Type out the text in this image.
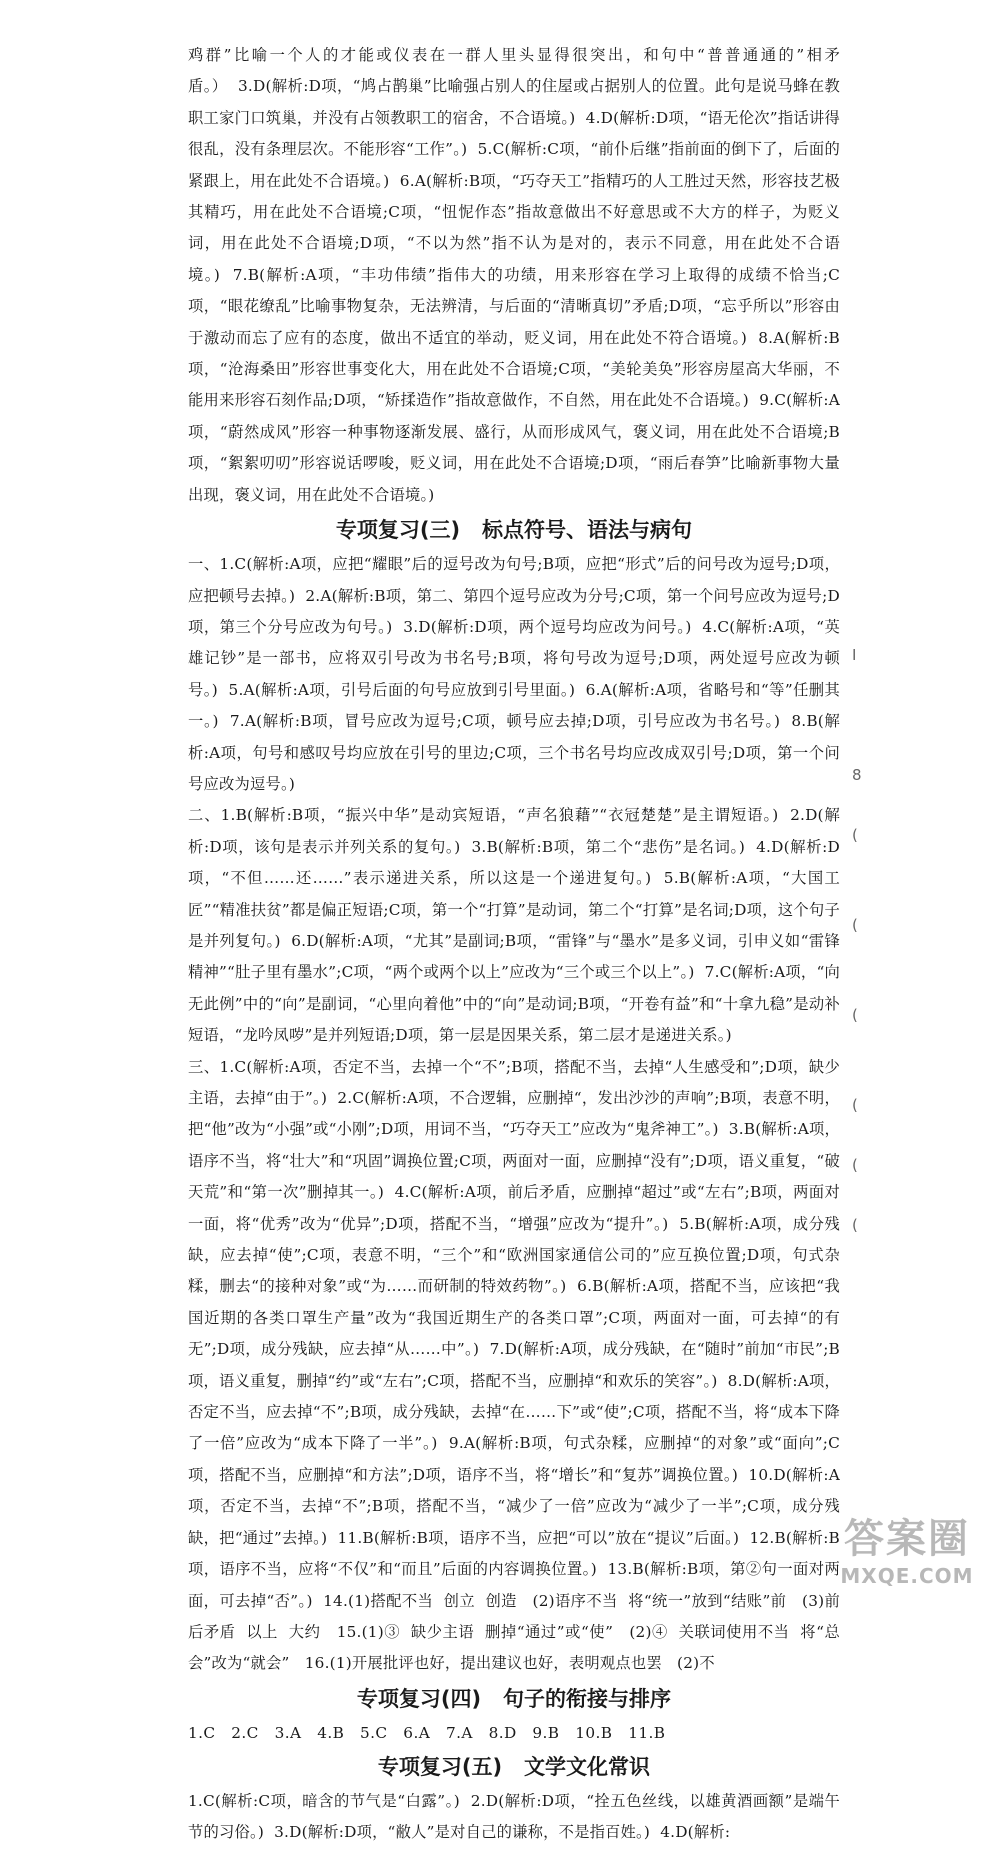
鸡群”比喻一个人的才能或仪表在一群人里头显得很突出，和句中“普普通通的”相矛盾。）  3.D(解析:D项，“鸠占鹊巢”比喻强占别人的住屋或占据别人的位置。此句是说马蜂在教职工家门口筑巢，并没有占领教职工的宿舍，不合语境。)  4.D(解析:D项，“语无伦次”指话讲得很乱，没有条理层次。不能形容“工作”。)  5.C(解析:C项，“前仆后继”指前面的倒下了，后面的紧跟上，用在此处不合语境。)  6.A(解析:B项，“巧夺天工”指精巧的人工胜过天然，形容技艺极其精巧，用在此处不合语境;C项，“忸怩作态”指故意做出不好意思或不大方的样子，为贬义词，用在此处不合语境;D项，“不以为然”指不认为是对的，表示不同意，用在此处不合语境。)  7.B(解析:A项，“丰功伟绩”指伟大的功绩，用来形容在学习上取得的成绩不恰当;C项，“眼花缭乱”比喻事物复杂，无法辨清，与后面的“清晰真切”矛盾;D项，“忘乎所以”形容由于激动而忘了应有的态度，做出不适宜的举动，贬义词，用在此处不符合语境。)  8.A(解析:B项，“沧海桑田”形容世事变化大，用在此处不合语境;C项，“美轮美奂”形容房屋高大华丽，不能用来形容石刻作品;D项，“矫揉造作”指故意做作，不自然，用在此处不合语境。)  9.C(解析:A项，“蔚然成风”形容一种事物逐渐发展、盛行，从而形成风气，褒义词，用在此处不合语境;B项，“絮絮叨叨”形容说话啰唆，贬义词，用在此处不合语境;D项，“雨后春笋”比喻新事物大量出现，褒义词，用在此处不合语境。)
专项复习(三)   标点符号、语法与病句
一、1.C(解析:A项，应把“耀眼”后的逗号改为句号;B项，应把“形式”后的问号改为逗号;D项，应把顿号去掉。)  2.A(解析:B项，第二、第四个逗号应改为分号;C项，第一个问号应改为逗号;D项，第三个分号应改为句号。)  3.D(解析:D项，两个逗号均应改为问号。)  4.C(解析:A项，“英雄记钞”是一部书，应将双引号改为书名号;B项，将句号改为逗号;D项，两处逗号应改为顿号。)  5.A(解析:A项，引号后面的句号应放到引号里面。)  6.A(解析:A项，省略号和“等”任删其一。)  7.A(解析:B项，冒号应改为逗号;C项，顿号应去掉;D项，引号应改为书名号。)  8.B(解析:A项，句号和感叹号均应放在引号的里边;C项，三个书名号均应改成双引号;D项，第一个问号应改为逗号。)
二、1.B(解析:B项，“振兴中华”是动宾短语，“声名狼藉”“衣冠楚楚”是主谓短语。)  2.D(解析:D项，该句是表示并列关系的复句。)  3.B(解析:B项，第二个“悲伤”是名词。)  4.D(解析:D项，“不但……还……”表示递进关系，所以这是一个递进复句。)  5.B(解析:A项，“大国工匠”“精准扶贫”都是偏正短语;C项，第一个“打算”是动词，第二个“打算”是名词;D项，这个句子是并列复句。)  6.D(解析:A项，“尤其”是副词;B项，“雷锋”与“墨水”是多义词，引申义如“雷锋精神”“肚子里有墨水”;C项，“两个或两个以上”应改为“三个或三个以上”。)  7.C(解析:A项，“向无此例”中的“向”是副词，“心里向着他”中的“向”是动词;B项，“开卷有益”和“十拿九稳”是动补短语，“龙吟凤哕”是并列短语;D项，第一层是因果关系，第二层才是递进关系。)
三、1.C(解析:A项，否定不当，去掉一个“不”;B项，搭配不当，去掉“人生感受和”;D项，缺少主语，去掉“由于”。)  2.C(解析:A项，不合逻辑，应删掉“，发出沙沙的声响”;B项，表意不明，把“他”改为“小强”或“小刚”;D项，用词不当，“巧夺天工”应改为“鬼斧神工”。)  3.B(解析:A项，语序不当，将“壮大”和“巩固”调换位置;C项，两面对一面，应删掉“没有”;D项，语义重复，“破天荒”和“第一次”删掉其一。)  4.C(解析:A项，前后矛盾，应删掉“超过”或“左右”;B项，两面对一面，将“优秀”改为“优异”;D项，搭配不当，“增强”应改为“提升”。)  5.B(解析:A项，成分残缺，应去掉“使”;C项，表意不明，“三个”和“欧洲国家通信公司的”应互换位置;D项，句式杂糅，删去“的接种对象”或“为……而研制的特效药物”。)  6.B(解析:A项，搭配不当，应该把“我国近期的各类口罩生产量”改为“我国近期生产的各类口罩”;C项，两面对一面，可去掉“的有无”;D项，成分残缺，应去掉“从……中”。)  7.D(解析:A项，成分残缺，在“随时”前加“市民”;B项，语义重复，删掉“约”或“左右”;C项，搭配不当，应删掉“和欢乐的笑容”。)  8.D(解析:A项，否定不当，应去掉“不”;B项，成分残缺，去掉“在……下”或“使”;C项，搭配不当，将“成本下降了一倍”应改为“成本下降了一半”。)  9.A(解析:B项，句式杂糅，应删掉“的对象”或“面向”;C项，搭配不当，应删掉“和方法”;D项，语序不当，将“增长”和“复苏”调换位置。)  10.D(解析:A项，否定不当，去掉“不”;B项，搭配不当，“减少了一倍”应改为“减少了一半”;C项，成分残缺，把“通过”去掉。)  11.B(解析:B项，语序不当，应把“可以”放在“提议”后面。)  12.B(解析:B项，语序不当，应将“不仅”和“而且”后面的内容调换位置。)  13.B(解析:B项，第②句一面对两面，可去掉“否”。)  14.(1)搭配不当  创立  创造   (2)语序不当  将“统一”放到“结账”前   (3)前后矛盾  以上  大约   15.(1)③  缺少主语  删掉“通过”或“使”   (2)④  关联词使用不当  将“总会”改为“就会”   16.(1)开展批评也好，提出建议也好，表明观点也罢   (2)不
专项复习(四)   句子的衔接与排序
1.C   2.C   3.A   4.B   5.C   6.A   7.A   8.D   9.B   10.B   11.B
专项复习(五)   文学文化常识
1.C(解析:C项，暗含的节气是“白露”。)  2.D(解析:D项，“拴五色丝线，以雄黄酒画额”是端午节的习俗。)  3.D(解析:D项，“敝人”是对自己的谦称，不是指百姓。)  4.D(解析:
Ⅰ

8

(

(

(

(

(

(
答案圈
MXQE.COM
